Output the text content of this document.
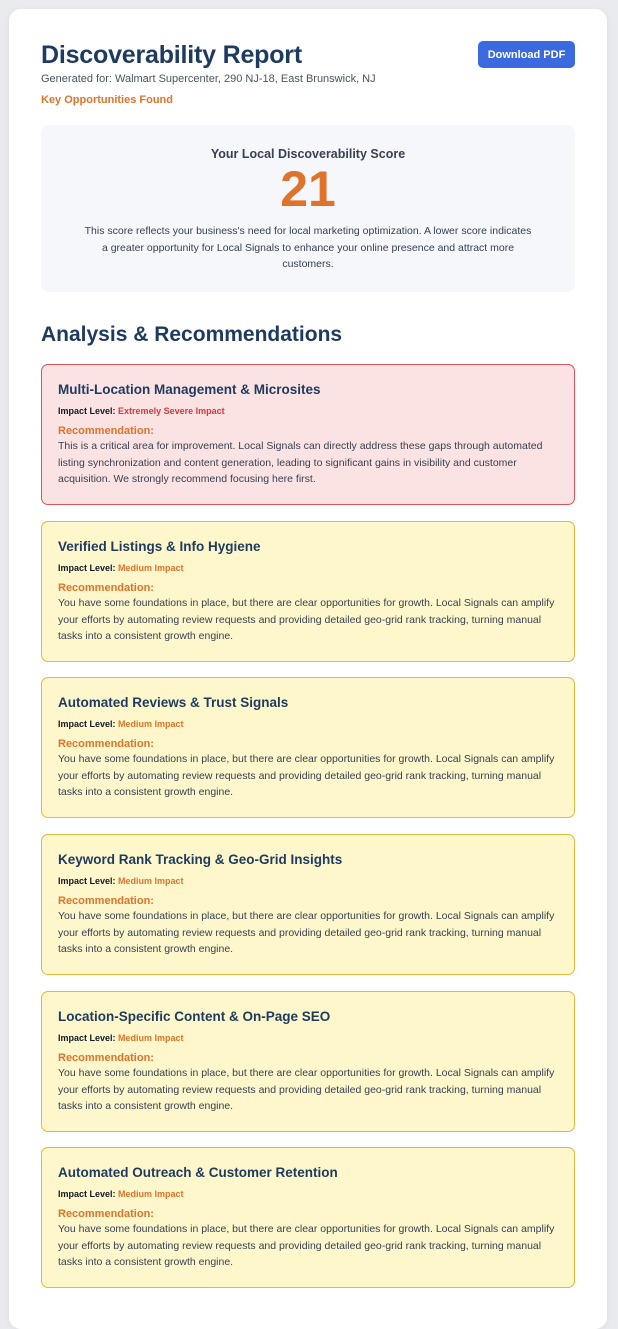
Discoverability Report
Generated for: Walmart Supercenter, 290 NJ-18, East Brunswick, NJ
Key Opportunities Found
Download PDF
Your Local Discoverability Score
21

This score reflects your business's need for local marketing optimization. A lower score indicates a greater opportunity for Local Signals to enhance your online presence and attract more customers.

Analysis & Recommendations
Multi-Location Management & Microsites
Impact Level: Extremely Severe Impact
Recommendation:

This is a critical area for improvement. Local Signals can directly address these gaps through automated listing synchronization and content generation, leading to significant gains in visibility and customer acquisition. We strongly recommend focusing here first.

Verified Listings & Info Hygiene
Impact Level: Medium Impact
Recommendation:

You have some foundations in place, but there are clear opportunities for growth. Local Signals can amplify your efforts by automating review requests and providing detailed geo-grid rank tracking, turning manual tasks into a consistent growth engine.

Automated Reviews & Trust Signals
Impact Level: Medium Impact
Recommendation:

You have some foundations in place, but there are clear opportunities for growth. Local Signals can amplify your efforts by automating review requests and providing detailed geo-grid rank tracking, turning manual tasks into a consistent growth engine.

Keyword Rank Tracking & Geo-Grid Insights
Impact Level: Medium Impact
Recommendation:

You have some foundations in place, but there are clear opportunities for growth. Local Signals can amplify your efforts by automating review requests and providing detailed geo-grid rank tracking, turning manual tasks into a consistent growth engine.

Location-Specific Content & On-Page SEO
Impact Level: Medium Impact
Recommendation:

You have some foundations in place, but there are clear opportunities for growth. Local Signals can amplify your efforts by automating review requests and providing detailed geo-grid rank tracking, turning manual tasks into a consistent growth engine.

Automated Outreach & Customer Retention
Impact Level: Medium Impact
Recommendation:

You have some foundations in place, but there are clear opportunities for growth. Local Signals can amplify your efforts by automating review requests and providing detailed geo-grid rank tracking, turning manual tasks into a consistent growth engine.
